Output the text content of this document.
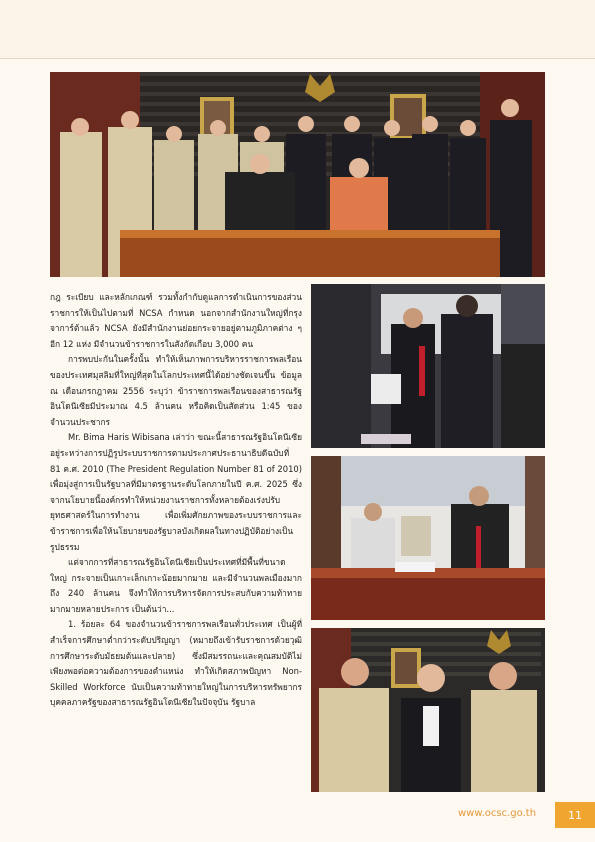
กฎ ระเบียบ และหลักเกณฑ์ รวมทั้งกำกับดูแลการดำเนินการของส่วนราชการให้เป็นไปตามที่ NCSA กำหนด นอกจากสำนักงานใหญ่ที่กรุงจาการ์ต้าแล้ว NCSA ยังมีสำนักงานย่อยกระจายอยู่ตามภูมิภาคต่าง ๆ อีก 12 แห่ง มีจำนวนข้าราชการในสังกัดเกือบ 3,000 คน

การพบปะกันในครั้งนั้น ทำให้เห็นภาพการบริหารราชการพลเรือนของประเทศมุสลิมที่ใหญ่ที่สุดในโลกประเทศนี้ได้อย่างชัดเจนขึ้น ข้อมูล ณ เดือนกรกฎาคม 2556 ระบุว่า ข้าราชการพลเรือนของสาธารณรัฐอินโดนีเซียมีประมาณ 4.5 ล้านคน หรือคิดเป็นสัดส่วน 1:45 ของจำนวนประชากร

Mr. Bima Haris Wibisana เล่าว่า ขณะนี้สาธารณรัฐอินโดนีเซียอยู่ระหว่างการปฏิรูประบบราชการตามประกาศประธานาธิบดีฉบับที่ 81 ค.ศ. 2010 (The President Regulation Number 81 of 2010) เพื่อมุ่งสู่การเป็นรัฐบาลที่มีมาตรฐานระดับโลกภายในปี ค.ศ. 2025 ซึ่งจากนโยบายนี้องค์กรทำให้หน่วยงานราชการทั้งหลายต้องเร่งปรับยุทธศาสตร์ในการทำงาน เพื่อเพิ่มศักยภาพของระบบราชการและข้าราชการเพื่อให้นโยบายของรัฐบาลบังเกิดผลในทางปฏิบัติอย่างเป็นรูปธรรม

แต่จากการที่สาธารณรัฐอินโดนีเซียเป็นประเทศที่มีพื้นที่ขนาดใหญ่ กระจายเป็นเกาะเล็กเกาะน้อยมากมาย และมีจำนวนพลเมืองมากถึง 240 ล้านคน จึงทำให้การบริหารจัดการประสบกับความท้าทายมากมายหลายประการ เป็นต้นว่า...

1. ร้อยละ 64 ของจำนวนข้าราชการพลเรือนทั่วประเทศ เป็นผู้ที่สำเร็จการศึกษาต่ำกว่าระดับปริญญา (หมายถึงเข้ารับราชการด้วยวุฒิการศึกษาระดับมัธยมต้นและปลาย) ซึ่งมีสมรรถนะและคุณสมบัติไม่เพียงพอต่อความต้องการของตำแหน่ง ทำให้เกิดสภาพปัญหา Non-Skilled Workforce นับเป็นความท้าทายใหญ่ในการบริหารทรัพยากรบุคคลภาครัฐของสาธารณรัฐอินโดนีเซียในปัจจุบัน รัฐบาล

www.ocsc.go.th	11
